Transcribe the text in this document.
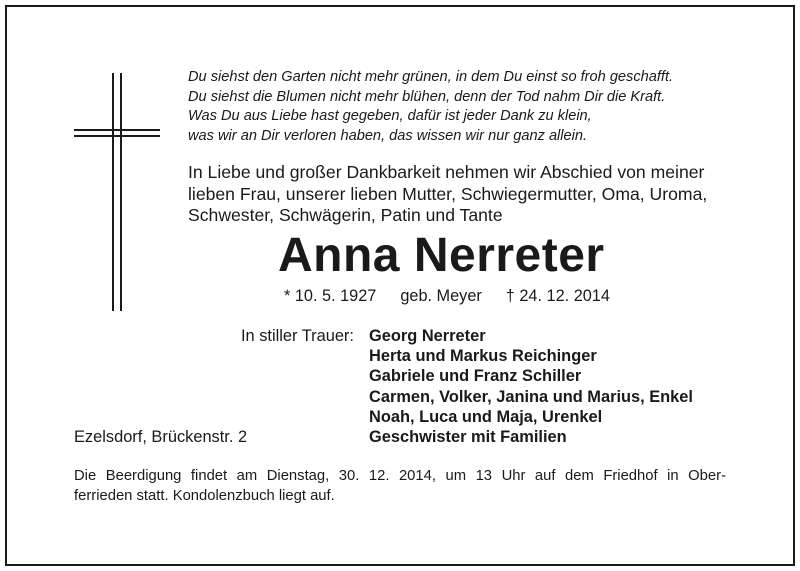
Du siehst den Garten nicht mehr grünen, in dem Du einst so froh geschafft.
Du siehst die Blumen nicht mehr blühen, denn der Tod nahm Dir die Kraft.
Was Du aus Liebe hast gegeben, dafür ist jeder Dank zu klein,
was wir an Dir verloren haben, das wissen wir nur ganz allein.
In Liebe und großer Dankbarkeit nehmen wir Abschied von meiner
lieben Frau, unserer lieben Mutter, Schwiegermutter, Oma, Uroma,
Schwester, Schwägerin, Patin und Tante
Anna Nerreter
* 10. 5. 1927 geb. Meyer † 24. 12. 2014
In stiller Trauer: Georg Nerreter
Herta und Markus Reichinger
Gabriele und Franz Schiller
Carmen, Volker, Janina und Marius, Enkel
Noah, Luca und Maja, Urenkel
Geschwister mit Familien
Ezelsdorf, Brückenstr. 2
Die Beerdigung findet am Dienstag, 30. 12. 2014, um 13 Uhr auf dem Friedhof in Ober-
ferrieden statt. Kondolenzbuch liegt auf.
